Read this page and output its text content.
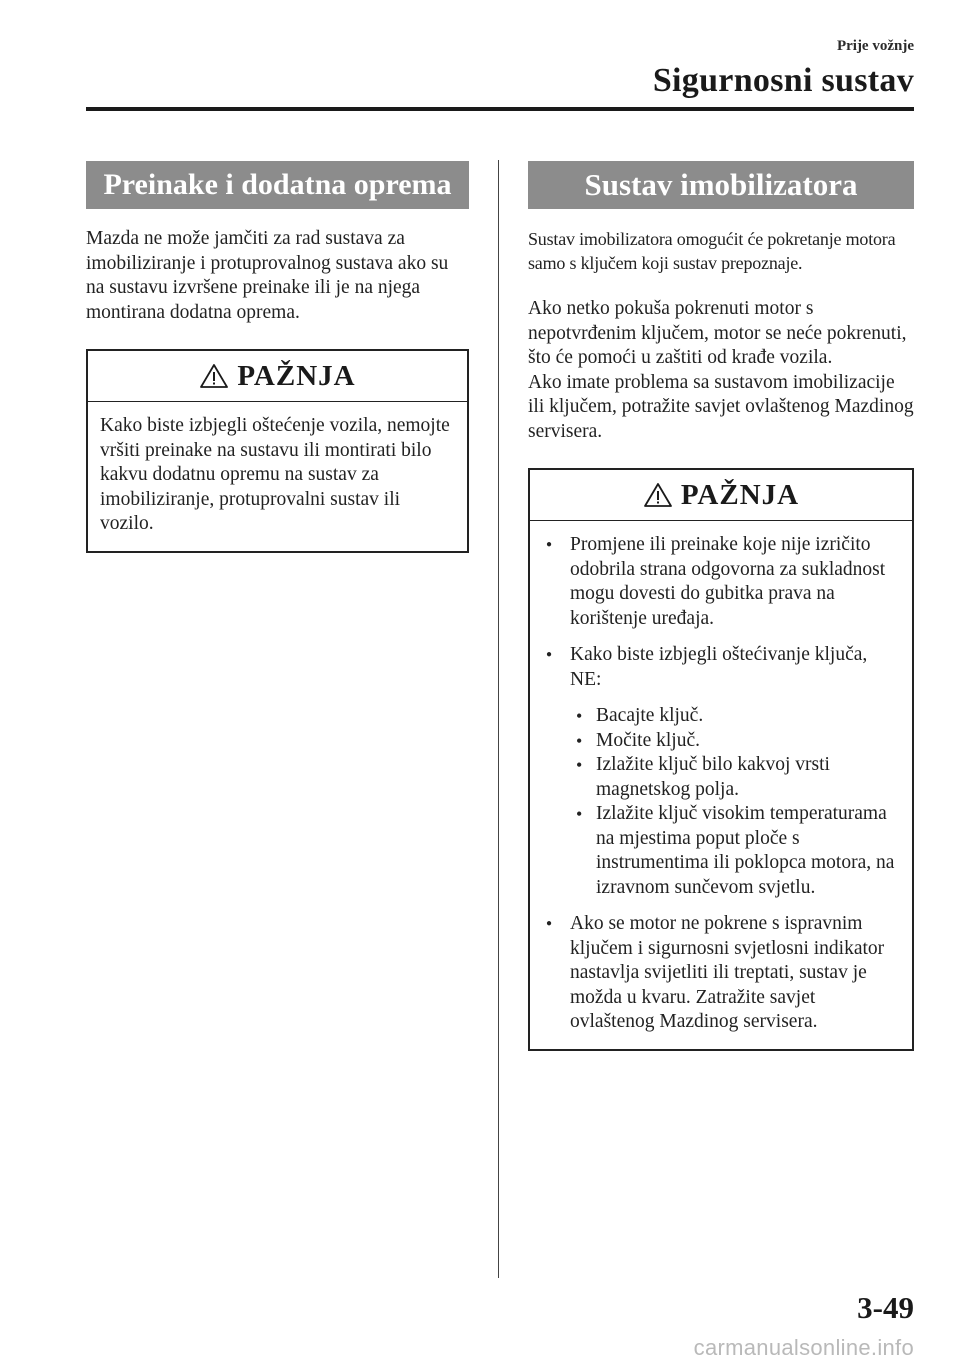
Prije vožnje
Sigurnosni sustav
Preinake i dodatna oprema

Mazda ne može jamčiti za rad sustava za imobiliziranje i protuprovalnog sustava ako su na sustavu izvršene preinake ili je na njega montirana dodatna oprema.

PAŽNJA
Kako biste izbjegli oštećenje vozila, nemojte vršiti preinake na sustavu ili montirati bilo kakvu dodatnu opremu na sustav za imobiliziranje, protuprovalni sustav ili vozilo.
Sustav imobilizatora

Sustav imobilizatora omogućit će pokretanje motora samo s ključem koji sustav prepoznaje.

Ako netko pokuša pokrenuti motor s nepotvrđenim ključem, motor se neće pokrenuti, što će pomoći u zaštiti od krađe vozila.

Ako imate problema sa sustavom imobilizacije ili ključem, potražite savjet ovlaštenog Mazdinog servisera.

PAŽNJA
● Promjene ili preinake koje nije izričito odobrila strana odgovorna za sukladnost mogu dovesti do gubitka prava na korištenje uređaja.
● Kako biste izbjegli oštećivanje ključa, NE:
• Bacajte ključ.
• Močite ključ.
• Izlažite ključ bilo kakvoj vrsti magnetskog polja.
• Izlažite ključ visokim temperaturama na mjestima poput ploče s instrumentima ili poklopca motora, na izravnom sunčevom svjetlu.
● Ako se motor ne pokrene s ispravnim ključem i sigurnosni svjetlosni indikator nastavlja svijetliti ili treptati, sustav je možda u kvaru. Zatražite savjet ovlaštenog Mazdinog servisera.
3-49
carmanualsonline.info
